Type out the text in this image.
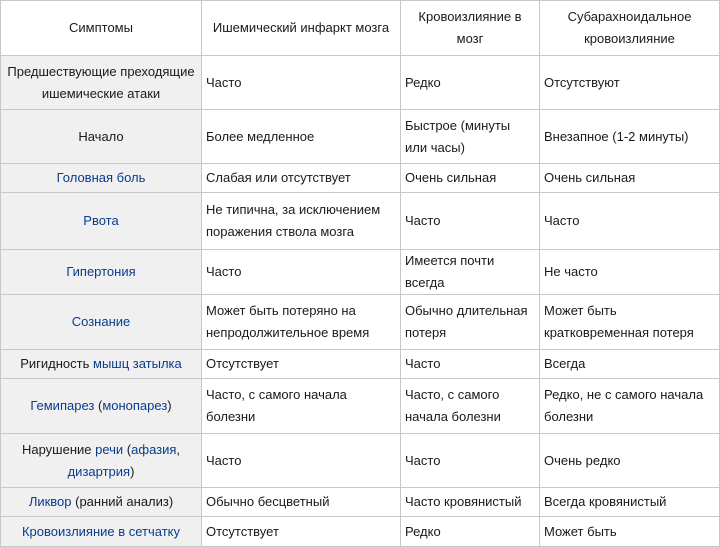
Симптомы	Ишемический инфаркт мозга	Кровоизлияние в мозг	Субарахноидальное кровоизлияние

Предшествующие преходящие ишемические атаки	Часто	Редко	Отсутствуют

Начало	Более медленное	Быстрое (минуты или часы)	Внезапное (1-2 минуты)

Головная боль	Слабая или отсутствует	Очень сильная	Очень сильная

Рвота	Не типична, за исключением поражения ствола мозга	Часто	Часто

Гипертония	Часто	Имеется почти всегда	Не часто

Сознание	Может быть потеряно на непродолжительное время	Обычно длительная потеря	Может быть кратковременная потеря

Ригидность мышц затылка	Отсутствует	Часто	Всегда

Гемипарез (монопарез)	Часто, с самого начала болезни	Часто, с самого начала болезни	Редко, не с самого начала болезни

Нарушение речи (афазия, дизартрия)	Часто	Часто	Очень редко

Ликвор (ранний анализ)	Обычно бесцветный	Часто кровянистый	Всегда кровянистый

Кровоизлияние в сетчатку	Отсутствует	Редко	Может быть
